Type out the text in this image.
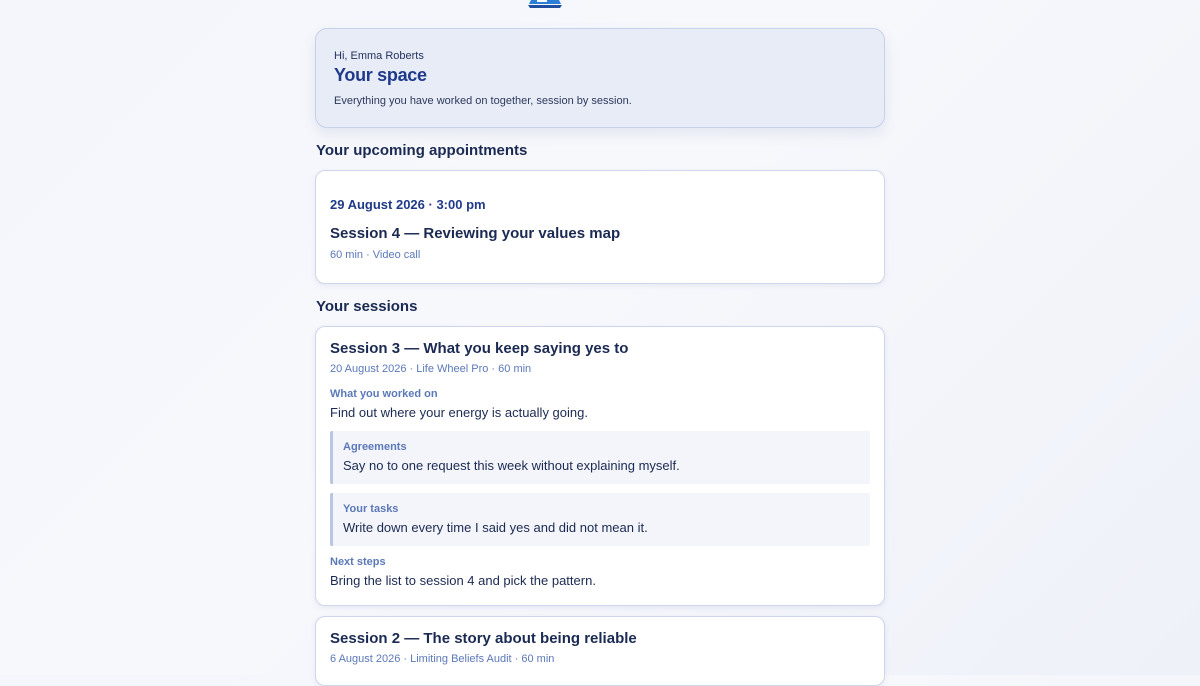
Hi, Emma Roberts
Your space
Everything you have worked on together, session by session.
Your upcoming appointments
29 August 2026 · 3:00 pm
Session 4 — Reviewing your values map
60 min · Video call
Your sessions
Session 3 — What you keep saying yes to
20 August 2026 · Life Wheel Pro · 60 min
What you worked on
Find out where your energy is actually going.
Agreements
Say no to one request this week without explaining myself.
Your tasks
Write down every time I said yes and did not mean it.
Next steps
Bring the list to session 4 and pick the pattern.
Session 2 — The story about being reliable
6 August 2026 · Limiting Beliefs Audit · 60 min
